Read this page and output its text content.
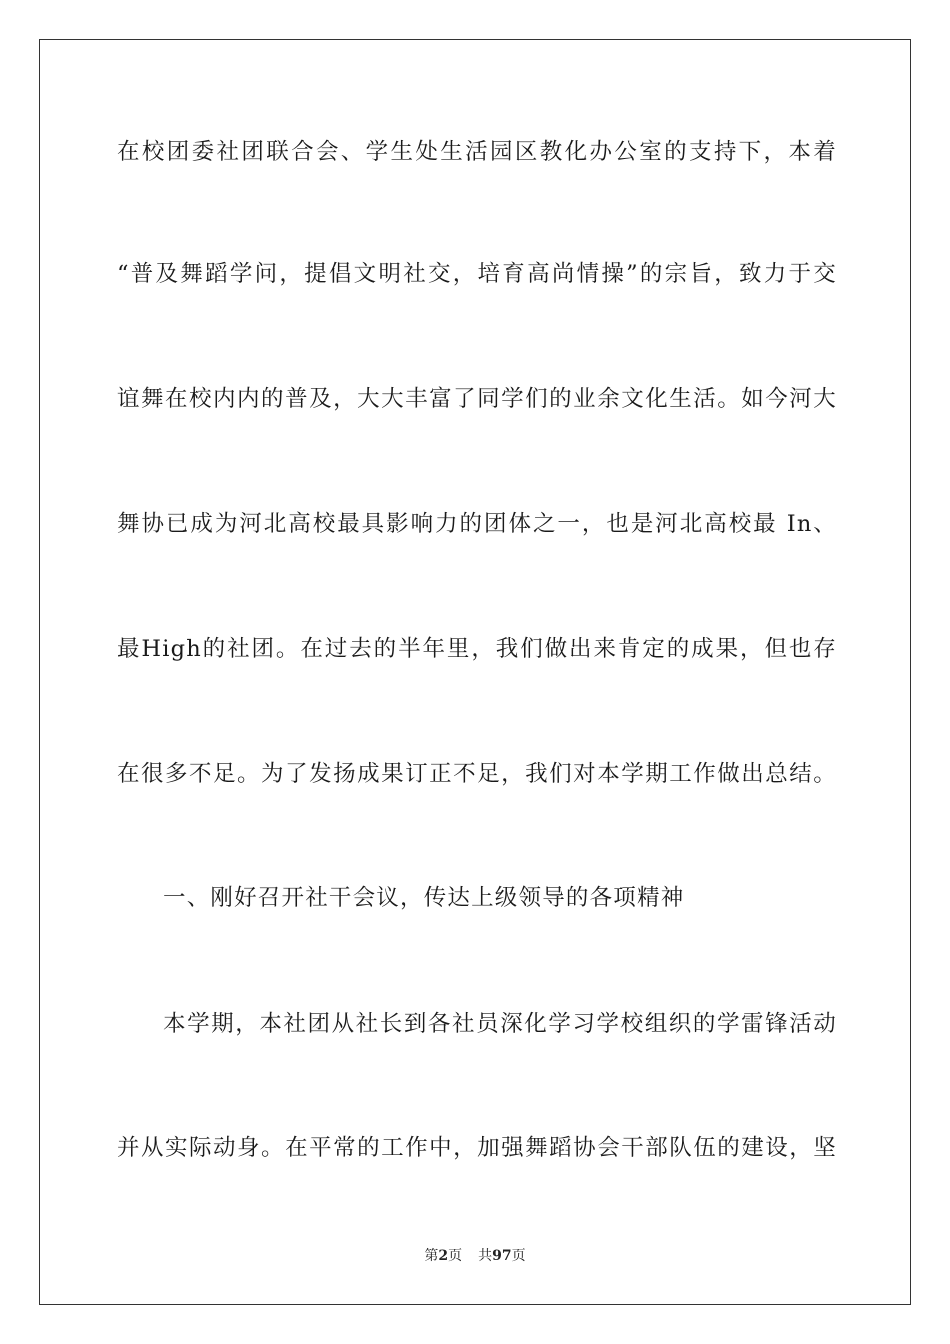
在校团委社团联合会、学生处生活园区教化办公室的支持下，本着
“普及舞蹈学问，提倡文明社交，培育高尚情操”的宗旨，致力于交
谊舞在校内内的普及，大大丰富了同学们的业余文化生活。如今河大
舞协已成为河北高校最具影响力的团体之一，也是河北高校最 In、
最High的社团。在过去的半年里，我们做出来肯定的成果，但也存
在很多不足。为了发扬成果订正不足，我们对本学期工作做出总结。
一、刚好召开社干会议，传达上级领导的各项精神
本学期，本社团从社长到各社员深化学习学校组织的学雷锋活动
并从实际动身。在平常的工作中，加强舞蹈协会干部队伍的建设，坚
第2页 共97页
